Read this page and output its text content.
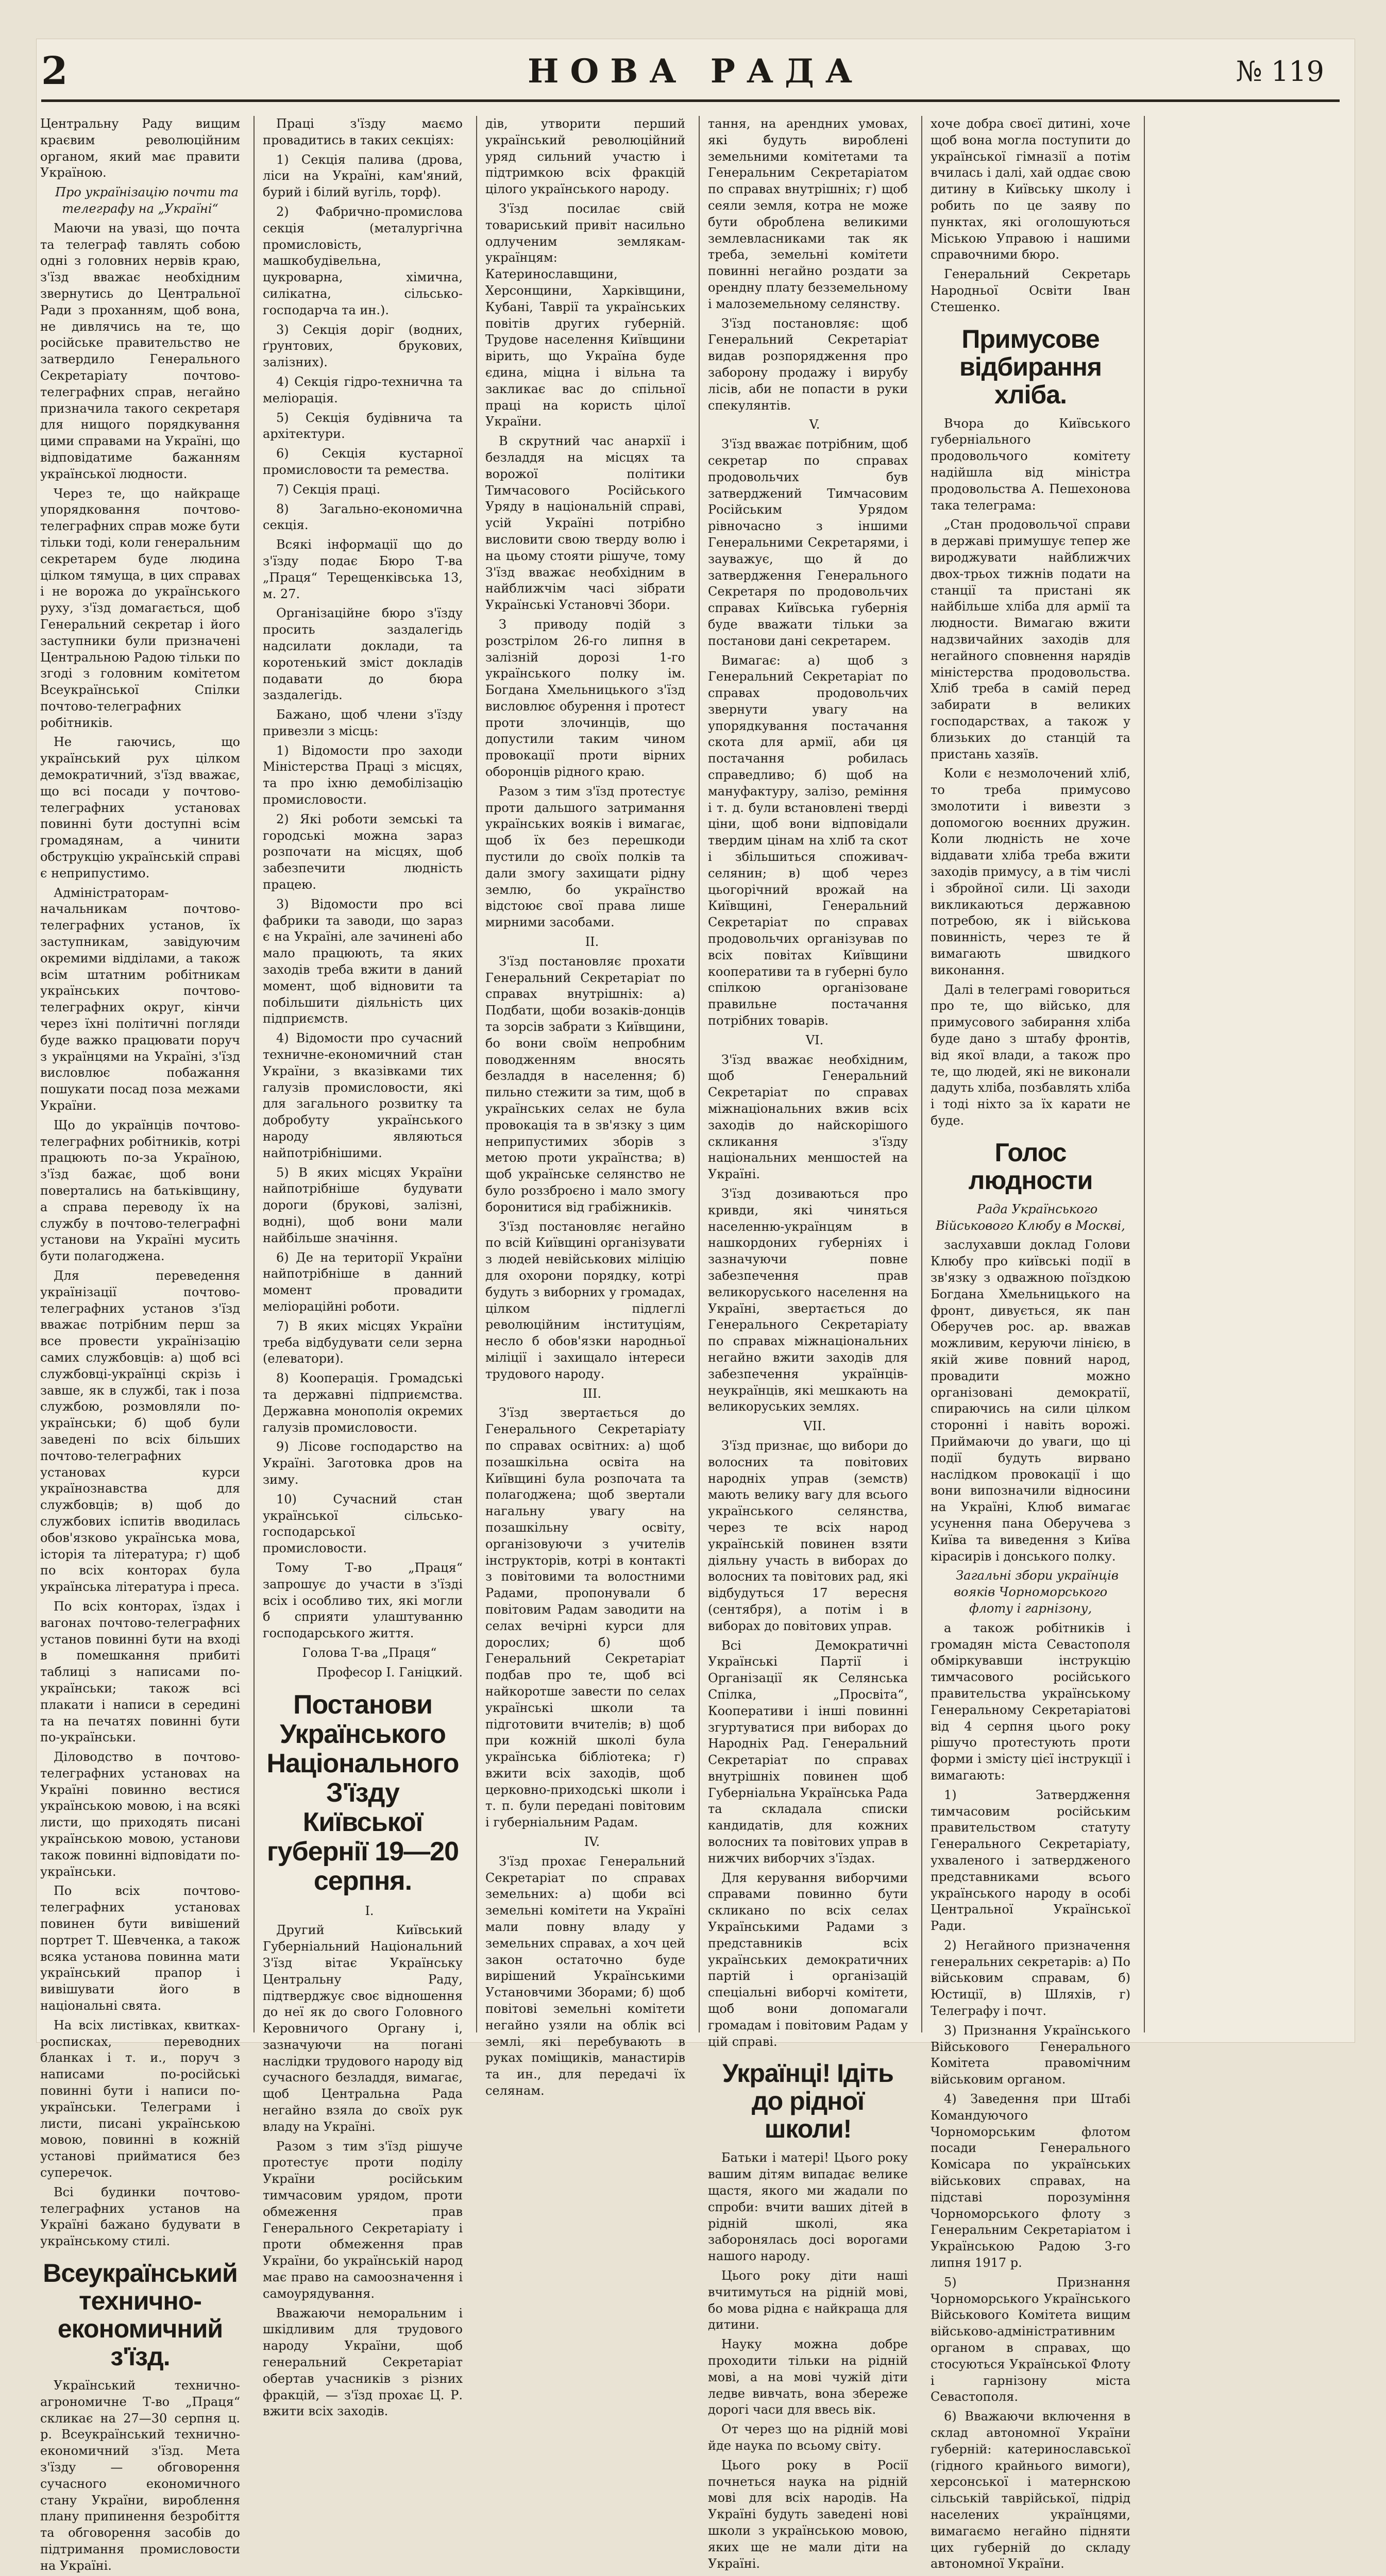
2	НОВА РАДА	№ 119

Центральну Раду вищим краєвим революційним органом, який має правити Україною.

Про українізацію почти та телеграфу на „Україні“

Маючи на увазі, що почта та телеграф тавлять собою одні з головних нервів краю, з'їзд вважає необхідним звернутись до Центральної Ради з проханням, щоб вона, не дивлячись на те, що російське правительство не затвердило Генерального Секретаріату почтово-телеграфних справ, негайно призначила такого секретаря для нищого порядкування цими справами на Україні, що відповідатиме бажанням української людности.

Через те, що найкраще упорядковання почтово-телеграфних справ може бути тільки тоді, коли генеральним секретарем буде людина цілком тямуща, в цих справах і не ворожа до українського руху, з'їзд домагається, щоб Генеральний секретар і його заступники були призначені Центральною Радою тільки по згоді з головним комітетом Всеукраїнської Спілки почтово-телеграфних робітників.

Не гаючись, що український рух цілком демократичний, з'їзд вважає, що всі посади у почтово-телеграфних установах повинні бути доступні всім громадянам, а чинити обструкцію українській справі є неприпустимо.

Адміністраторам-начальникам почтово-телеграфних установ, їх заступникам, завідуючим окремими відділами, а також всім штатним робітникам українських почтово-телеграфних округ, кінчи через їхні політичні погляди буде важко працювати поруч з українцями на Україні, з'їзд висловлює побажання пошукати посад поза межами України.

Що до українців почтово-телеграфних робітників, котрі працюють по-за Україною, з'їзд бажає, щоб вони повертались на батьківщину, а справа переводу їх на службу в почтово-телеграфні установи на Україні мусить бути полагоджена.

Для переведення українізації почтово-телеграфних установ з'їзд вважає потрібним перш за все провести українізацію самих службовців: а) щоб всі службовці-українці скрізь і завше, як в службі, так і поза службою, розмовляли по-українськи; б) щоб були заведені по всіх більших почтово-телеграфних установах курси українознавства для службовців; в) щоб до службових іспитів вводилась обов'язково українська мова, історія та література; г) щоб по всіх конторах була українська література і преса.

По всіх конторах, їздах і вагонах почтово-телеграфних установ повинні бути на вході в помешкання прибиті таблиці з написами по-українськи; також всі плакати і написи в середині та на печатях повинні бути по-українськи.

Діловодство в почтово-телеграфних установах на Україні повинно вестися українською мовою, і на всякі листи, що приходять писані українською мовою, установи також повинні відповідати по-українськи.

По всіх почтово-телеграфних установах повинен бути вивішений портрет Т. Шевченка, а також всяка установа повинна мати український прапор і вивішувати його в національні свята.

На всіх листівках, квитках-росписках, переводних бланках і т. и., поруч з написами по-російські повинні бути і написи по-українськи. Телеграми і листи, писані українською мовою, повинні в кожній установі прийматися без суперечок.

Всі будинки почтово-телеграфних установ на Україні бажано будувати в українському стилі.

Всеукраїнський технично-економичний з'їзд.

Український технично-агрономичне Т-во „Праця“ скликає на 27—30 серпня ц. р. Всеукраїнський технично-економичний з'їзд. Мета з'їзду — обговорення сучасного економичного стану України, вироблення плану припинення безробіття та обговорення засобів до підтримання промисловости на Україні.

Праці з'їзду маємо провадитись в таких секціях:

1) Секція палива (дрова, ліси на Україні, кам'яний, бурий і білий вугіль, торф).

2) Фабрично-промислова секція (металургічна промисловість, машкобудівельна, цукроварна, хімична, силікатна, сільсько-господарча та ин.).

3) Секція доріг (водних, ґрунтових, брукових, залізних).

4) Секція гідро-технична та меліорація.

5) Секція будівнича та архітектури.

6) Секція кустарної промисловости та ремества.

7) Секція праці.

8) Загально-економична секція.

Всякі інформації що до з'їзду подає Бюро Т-ва „Праця“ Терещенківська 13, м. 27.

Організаційне бюро з'їзду просить заздалегідь надсилати доклади, та коротенький зміст докладів подавати до бюра заздалегідь.

Бажано, щоб члени з'їзду привезли з місць:

1) Відомости про заходи Міністерства Праці з місцях, та про іхню демобілізацію промисловости.

2) Які роботи земські та городські можна зараз розпочати на місцях, щоб забезпечити людність працею.

3) Відомости про всі фабрики та заводи, що зараз є на Україні, але зачинені або мало працюють, та яких заходів треба вжити в даний момент, щоб відновити та побільшити діяльність цих підприємств.

4) Відомости про сучасний техничне-економичний стан України, з вказівками тих галузів промисловости, які для загального розвитку та добробуту українського народу являються найпотрібнішими.

5) В яких місцях України найпотрібніше будувати дороги (брукові, залізні, водні), щоб вони мали найбільше значіння.

6) Де на території України найпотрібніше в данний момент провадити меліораційні роботи.

7) В яких місцях України треба відбудувати сели зерна (елеватори).

8) Кооперація. Громадські та державні підприємства. Державна монополія окремих галузів промисловости.

9) Лісове господарство на Україні. Заготовка дров на зиму.

10) Сучасний стан української сільсько-господарської промисловости.

Тому Т-во „Праця“ запрошує до участи в з'їзді всіх і особливо тих, які могли б сприяти улаштуванню господарського життя.

Голова Т-ва „Праця“

Професор І. Ганіцкий.

Постанови Українського Національного З'їзду Київської губернії 19—20 серпня.

I.

Другий Київський Губерніальний Національний З'їзд вітає Українську Центральну Раду, підтверджує своє відношення до неї як до свого Головного Керовничого Органу і, зазначуючи на погані наслідки трудового народу від сучасного безладдя, вимагає, щоб Центральна Рада негайно взяла до своїх рук владу на Україні.

Разом з тим з'їзд рішуче протестує проти поділу України російським тимчасовим урядом, проти обмеження прав Генерального Секретаріату і проти обмеження прав України, бо українській народ має право на самоозначення і самоурядування.

Вважаючи неморальним і шкідливим для трудового народу України, щоб генеральний Секретаріат обертав учасників з різних фракцій, — з'їзд прохає Ц. Р. вжити всіх заходів.

дів, утворити перший український революційний уряд сильний участю і підтримкою всіх фракцій цілого українського народу.

З'їзд посилає свій товариський привіт насильно одлученим землякам-українцям: Катеринославщини, Херсонщини, Харківщини, Кубані, Таврії та українських повітів других губерній. Трудове населення Київщини вірить, що Україна буде єдина, міцна і вільна та закликає вас до спільної праці на користь цілої України.

В скрутний час анархії і безладдя на місцях та ворожої політики Тимчасового Російського Уряду в національній справі, усій Україні потрібно висловити свою тверду волю і на цьому стояти рішуче, тому З'їзд вважає необхідним в найближчім часі зібрати Українські Установчі Збори.

З приводу подій з розстрілом 26-го липня в залізній дорозі 1-го українського полку ім. Богдана Хмельницького з'їзд висловлює обурення і протест проти злочинців, що допустили таким чином провокації проти вірних оборонців рідного краю.

Разом з тим з'їзд протестує проти дальшого затримання українських вояків і вимагає, щоб їх без перешкоди пустили до своїх полків та дали змогу захищати рідну землю, бо українство відстоює свої права лише мирними засобами.

II.

З'їзд постановляє прохати Генеральний Секретаріат по справах внутрішніх: а) Подбати, щоби возаків-донців та зорсів забрати з Київщини, бо вони своїм непробним поводженням вносять безладдя в населення; б) пильно стежити за тим, щоб в українських селах не була провокація та в зв'язку з цим неприпустимих зборів з метою проти українства; в) щоб українське селянство не було роззброєно і мало змогу боронитися від грабіжників.

З'їзд постановляє негайно по всій Київщині організувати з людей невійськових міліцію для охорони порядку, котрі будуть з виборних у громадах, цілком підлеглі революційним інституціям, несло б обов'язки народньої міліції і захищало інтереси трудового народу.

III.

З'їзд звертається до Генерального Секретаріату по справах освітних: а) щоб позашкільна освіта на Київщині була розпочата та полагоджена; щоб звертали нагальну увагу на позашкільну освіту, організовуючи з учителів інструкторів, котрі в контакті з повітовими та волостними Радами, пропонували б повітовим Радам заводити на селах вечірні курси для дорослих; б) щоб Генеральний Секретаріат подбав про те, щоб всі найкоротше завести по селах українські школи та підготовити вчителів; в) щоб при кожній школі була українська бібліотека; г) вжити всіх заходів, щоб церковно-приходські школи і т. п. були передані повітовим і губерніальним Радам.

IV.

З'їзд прохає Генеральний Секретаріат по справах земельних: а) щоби всі земельні комітети на Україні мали повну владу у земельних справах, а хоч цей закон остаточно буде вирішений Українськими Установчими Зборами; б) щоб повітові земельні комітети негайно узяли на облік всі землі, які перебувають в руках поміщиків, манастирів та ин., для передачі їх селянам.

тання, на арендних умовах, які будуть вироблені земельними комітетами та Генеральним Секретаріатом по справах внутрішніх; г) щоб сеяли земля, котра не може бути оброблена великими землевласниками так як треба, земельні комітети повинні негайно роздати за орендну плату безземельному і малоземельному селянству.

З'їзд постановляє: щоб Генеральний Секретаріат видав розпорядження про заборону продажу і вирубу лісів, аби не попасти в руки спекулянтів.

V.

З'їзд вважає потрібним, щоб секретар по справах продовольчих був затверджений Тимчасовим Російським Урядом рівночасно з іншими Генеральними Секретарями, і зауважує, що й до затвердження Генерального Секретаря по продовольчих справах Київська губернія буде вважати тільки за постанови дані секретарем.

Вимагає: а) щоб з Генеральний Секретаріат по справах продовольчих звернути увагу на упорядкування постачання скота для армії, аби ця постачання робилась справедливо; б) щоб на мануфактуру, залізо, реміння і т. д. були встановлені тверді ціни, щоб вони відповідали твердим цінам на хліб та скот і збільшиться споживач-селянин; в) щоб через цьогорічний врожай на Київщині, Генеральний Секретаріат по справах продовольчих організував по всіх повітах Київщини кооперативи та в губерні було спілкою організоване правильне постачання потрібних товарів.

VI.

З'їзд вважає необхідним, щоб Генеральний Секретаріат по справах міжнаціональних вжив всіх заходів до найскорішого скликання з'їзду національних меншостей на Україні.

З'їзд дозиваються про кривди, які чиняться населенню-українцям в нашкордоних губерніях і зазначуючи повне забезпечення прав великоруського населення на Україні, звертається до Генерального Секретаріату по справах міжнаціональних негайно вжити заходів для забезпечення українців-неукраїнців, які мешкають на великоруських землях.

VII.

З'їзд признає, що вибори до волосних та повітових народніх управ (земств) мають велику вагу для всього українського селянства, через те всіх народ українській повинен взяти діяльну участь в виборах до волосних та повітових рад, які відбудуться 17 вересня (сентября), а потім і в виборах до повітових управ.

Всі Демократичні Українські Партії і Організації як Селянська Спілка, „Просвіта“, Кооперативи і інші повинні згуртуватися при виборах до Народніх Рад. Генеральний Секретаріат по справах внутрішніх повинен щоб Губерніальна Українська Рада та складала списки кандидатів, для кожних волосних та повітових управ в нижчих виборчих з'їздах.

Для керування виборчими справами повинно бути скликано по всіх селах Українськими Радами з представників всіх українських демократичних партій і організацій спеціальні виборчі комітети, щоб вони допомагали громадам і повітовим Радам у цій справі.

Українці! Ідіть до рідної школи!

Батьки і матері! Цього року вашим дітям випадає велике щастя, якого ми жадали по спроби: вчити ваших дітей в рідній школі, яка заборонялась досі ворогами нашого народу.

Цього року діти наші вчитимуться на рідній мові, бо мова рідна є найкраща для дитини.

Науку можна добре проходити тільки на рідній мові, а на мові чужій діти ледве вивчать, вона збереже дорогі часи для ввесь вік.

От через що на рідній мові йде наука по всьому світу.

Цього року в Росії почнеться наука на рідній мові для всіх народів. На Україні будуть заведені нові школи з українською мовою, яких ще не мали діти на Україні.

хоче добра своєї дитині, хоче щоб вона могла поступити до української гімназії а потім вчилась і далі, хай оддає свою дитину в Київську школу і робить по це заяву по пунктах, які оголошуються Міською Управою і нашими справочними бюро.

Генеральний Секретарь Народньої Освіти Іван Стешенко.

Примусове відбирання хліба.

Вчора до Київського губерніального продовольчого комітету надійшла від міністра продовольства А. Пешехонова така телеграма:

„Стан продовольчої справи в державі примушує тепер же вироджувати найближчих двох-трьох тижнів подати на станції та пристані як найбільше хліба для армії та людности. Вимагаю вжити надзвичайних заходів для негайного сповнення нарядів міністерства продовольства. Хліб треба в самій перед забирати в великих господарствах, а також у близьких до станцій та пристань хазяїв.

Коли є незмолочений хліб, то треба примусово змолотити і вивезти з допомогою воєнних дружин. Коли людність не хоче віддавати хліба треба вжити заходів примусу, а в тім числі і збройної сили. Ці заходи викликаються державною потребою, як і військова повинність, через те й вимагають швидкого виконання.

Далі в телеграмі говориться про те, що військо, для примусового забирання хліба буде дано з штабу фронтів, від якої влади, а також про те, що людей, які не виконали дадуть хліба, позбавлять хліба і тоді ніхто за їх карати не буде.

Голос людности

Рада Українського Військового Клюбу в Москві,

заслухавши доклад Голови Клюбу про київські події в зв'язку з одважною поїздкою Богдана Хмельницького на фронт, дивується, як пан Оберучев рос. ар. вважав можливим, керуючи лінією, в якій живе повний народ, провадити можно організовані демократії, спираючись на сили цілком сторонні і навіть ворожі. Приймаючи до уваги, що ці події будуть вирвано наслідком провокації і що вони випозначили відносини на Україні, Клюб вимагає усунення пана Оберучева з Київа та виведення з Київа кірасирів і донського полку.

Загальні збори українців вояків Чорноморського флоту і гарнізону,

а також робітників і громадян міста Севастополя обміркувавши інструкцію тимчасового російського правительства українському Генеральному Секретаріатові від 4 серпня цього року рішучо протестують проти форми і змісту цієї інструкції і вимагають:

1) Затвердження тимчасовим російським правительством статуту Генерального Секретаріату, ухваленого і затвердженого представниками всього українського народу в особі Центральної Української Ради.

2) Негайного призначення генеральних секретарів: а) По військовим справам, б) Юстиції, в) Шляхів, г) Телеграфу і почт.

3) Признання Українського Військового Генерального Комітета правомічним військовим органом.

4) Заведення при Штабі Командуючого Чорноморським флотом посади Генерального Комісара по українських військових справах, на підставі порозуміння Чорноморського флоту з Генеральним Секретаріатом і Українською Радою 3-го липня 1917 р.

5) Признання Чорноморського Українського Військового Комітета вищим військово-адміністративним органом в справах, що стосуються Української Флоту і гарнізону міста Севастополя.

6) Вважаючи включення в склад автономної України губерній: катеринославської (гідного крайнього вимоги), херсонської і матернскою сільській таврійської, підрід населених українцями, вимагаємо негайно підняти цих губерній до складу автономної України.
